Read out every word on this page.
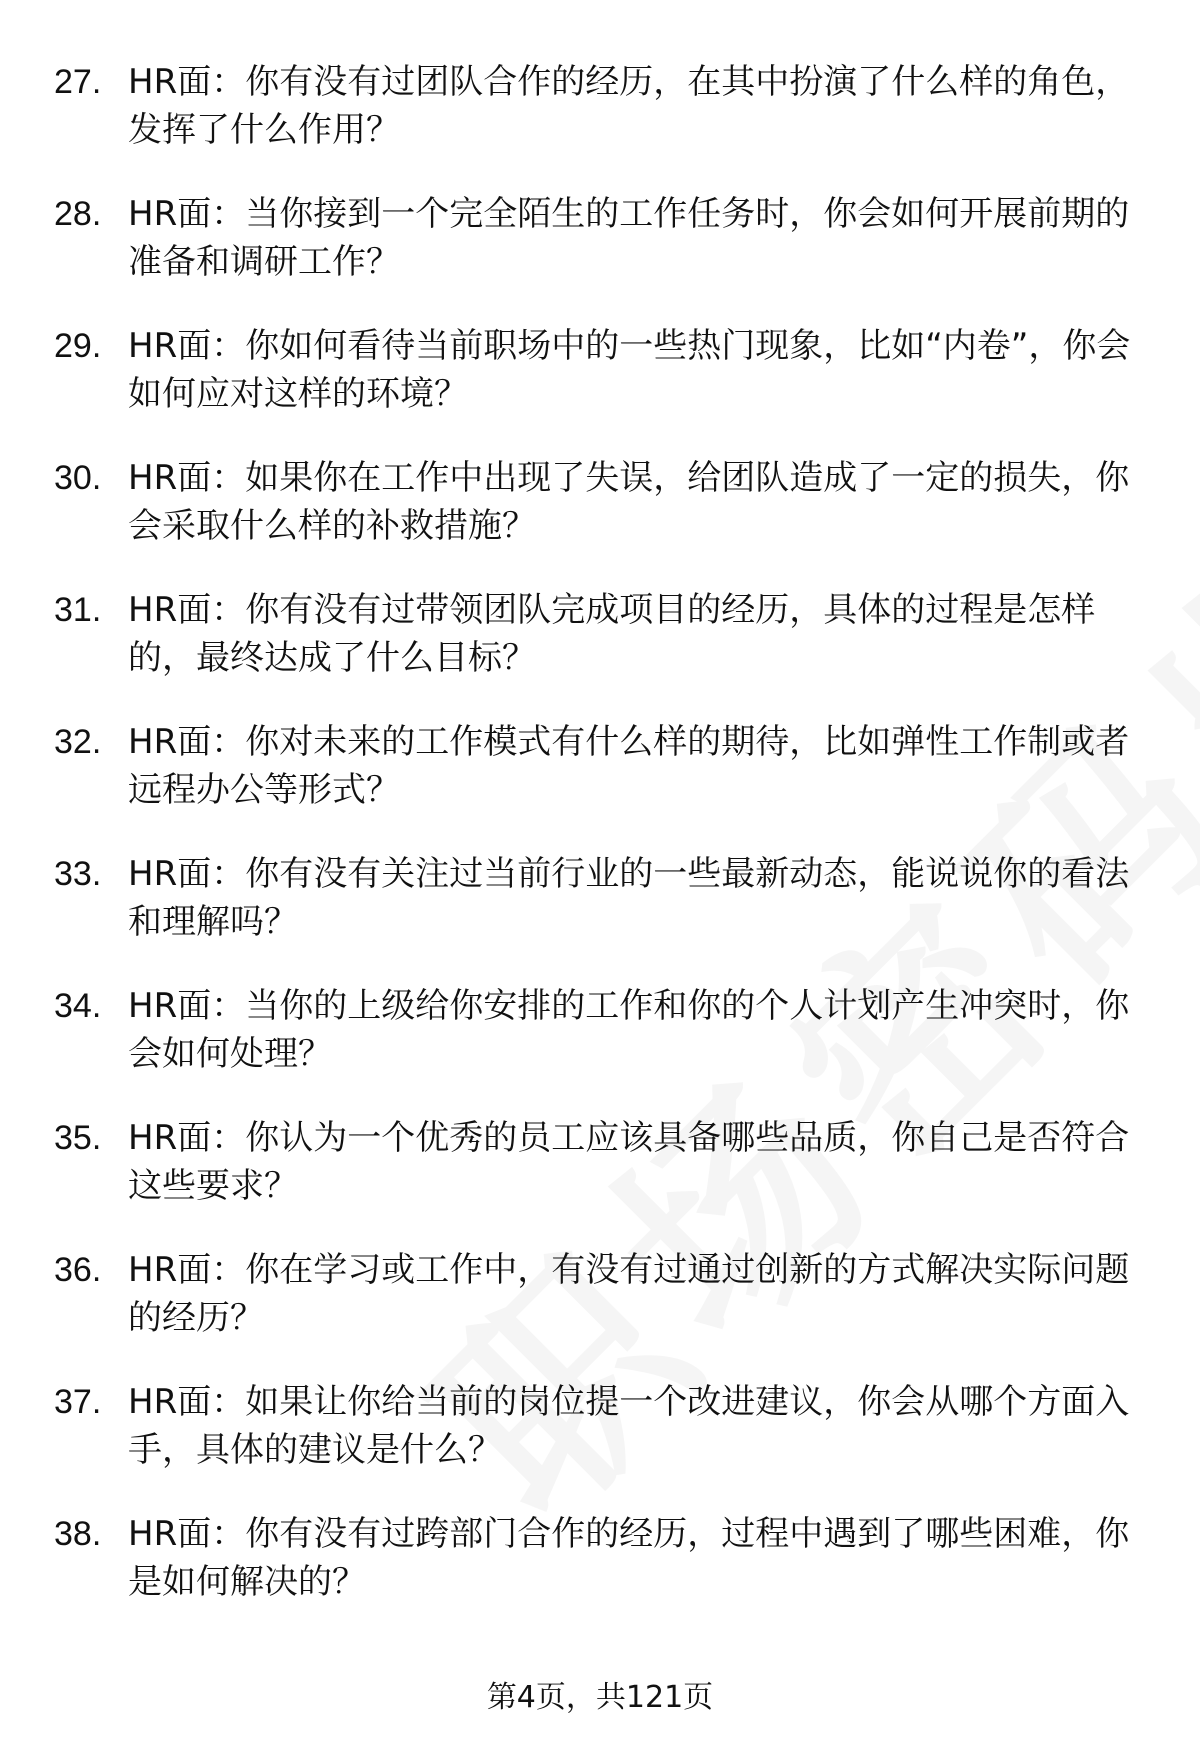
27. HR面：你有没有过团队合作的经历，在其中扮演了什么样的角色，发挥了什么作用？
28. HR面：当你接到一个完全陌生的工作任务时，你会如何开展前期的准备和调研工作？
29. HR面：你如何看待当前职场中的一些热门现象，比如“内卷”，你会如何应对这样的环境？
30. HR面：如果你在工作中出现了失误，给团队造成了一定的损失，你会采取什么样的补救措施？
31. HR面：你有没有过带领团队完成项目的经历，具体的过程是怎样的，最终达成了什么目标？
32. HR面：你对未来的工作模式有什么样的期待，比如弹性工作制或者远程办公等形式？
33. HR面：你有没有关注过当前行业的一些最新动态，能说说你的看法和理解吗？
34. HR面：当你的上级给你安排的工作和你的个人计划产生冲突时，你会如何处理？
35. HR面：你认为一个优秀的员工应该具备哪些品质，你自己是否符合这些要求？
36. HR面：你在学习或工作中，有没有过通过创新的方式解决实际问题的经历？
37. HR面：如果让你给当前的岗位提一个改进建议，你会从哪个方面入手，具体的建议是什么？
38. HR面：你有没有过跨部门合作的经历，过程中遇到了哪些困难，你是如何解决的？
第4页，共121页
